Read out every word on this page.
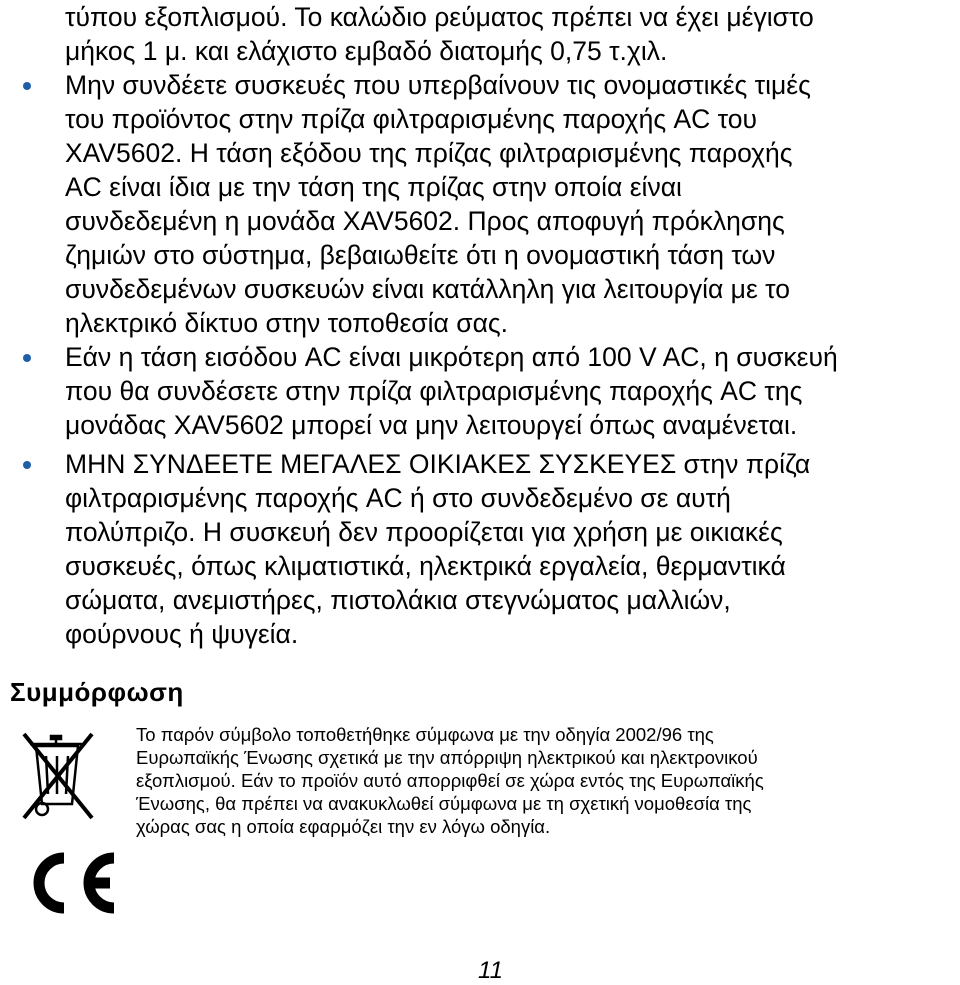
τύπου εξοπλισμού. Το καλώδιο ρεύματος πρέπει να έχει μέγιστο
μήκος 1 μ. και ελάχιστο εμβαδό διατομής 0,75 τ.χιλ.
Μην συνδέετε συσκευές που υπερβαίνουν τις ονομαστικές τιμές
του προϊόντος στην πρίζα φιλτραρισμένης παροχής AC του
XAV5602. Η τάση εξόδου της πρίζας φιλτραρισμένης παροχής
AC είναι ίδια με την τάση της πρίζας στην οποία είναι
συνδεδεμένη η μονάδα XAV5602. Προς αποφυγή πρόκλησης
ζημιών στο σύστημα, βεβαιωθείτε ότι η ονομαστική τάση των
συνδεδεμένων συσκευών είναι κατάλληλη για λειτουργία με το
ηλεκτρικό δίκτυο στην τοποθεσία σας.
Εάν η τάση εισόδου AC είναι μικρότερη από 100 V AC, η συσκευή
που θα συνδέσετε στην πρίζα φιλτραρισμένης παροχής AC της
μονάδας XAV5602 μπορεί να μην λειτουργεί όπως αναμένεται.
ΜΗΝ ΣΥΝΔΕΕΤΕ ΜΕΓΑΛΕΣ ΟΙΚΙΑΚΕΣ ΣΥΣΚΕΥΕΣ στην πρίζα
φιλτραρισμένης παροχής AC ή στο συνδεδεμένο σε αυτή
πολύπριζο. Η συσκευή δεν προορίζεται για χρήση με οικιακές
συσκευές, όπως κλιματιστικά, ηλεκτρικά εργαλεία, θερμαντικά
σώματα, ανεμιστήρες, πιστολάκια στεγνώματος μαλλιών,
φούρνους ή ψυγεία.
Συμμόρφωση
Το παρόν σύμβολο τοποθετήθηκε σύμφωνα με την οδηγία 2002/96 της
Ευρωπαϊκής Ένωσης σχετικά με την απόρριψη ηλεκτρικού και ηλεκτρονικού
εξοπλισμού. Εάν το προϊόν αυτό απορριφθεί σε χώρα εντός της Ευρωπαϊκής
Ένωσης, θα πρέπει να ανακυκλωθεί σύμφωνα με τη σχετική νομοθεσία της
χώρας σας η οποία εφαρμόζει την εν λόγω οδηγία.
11
